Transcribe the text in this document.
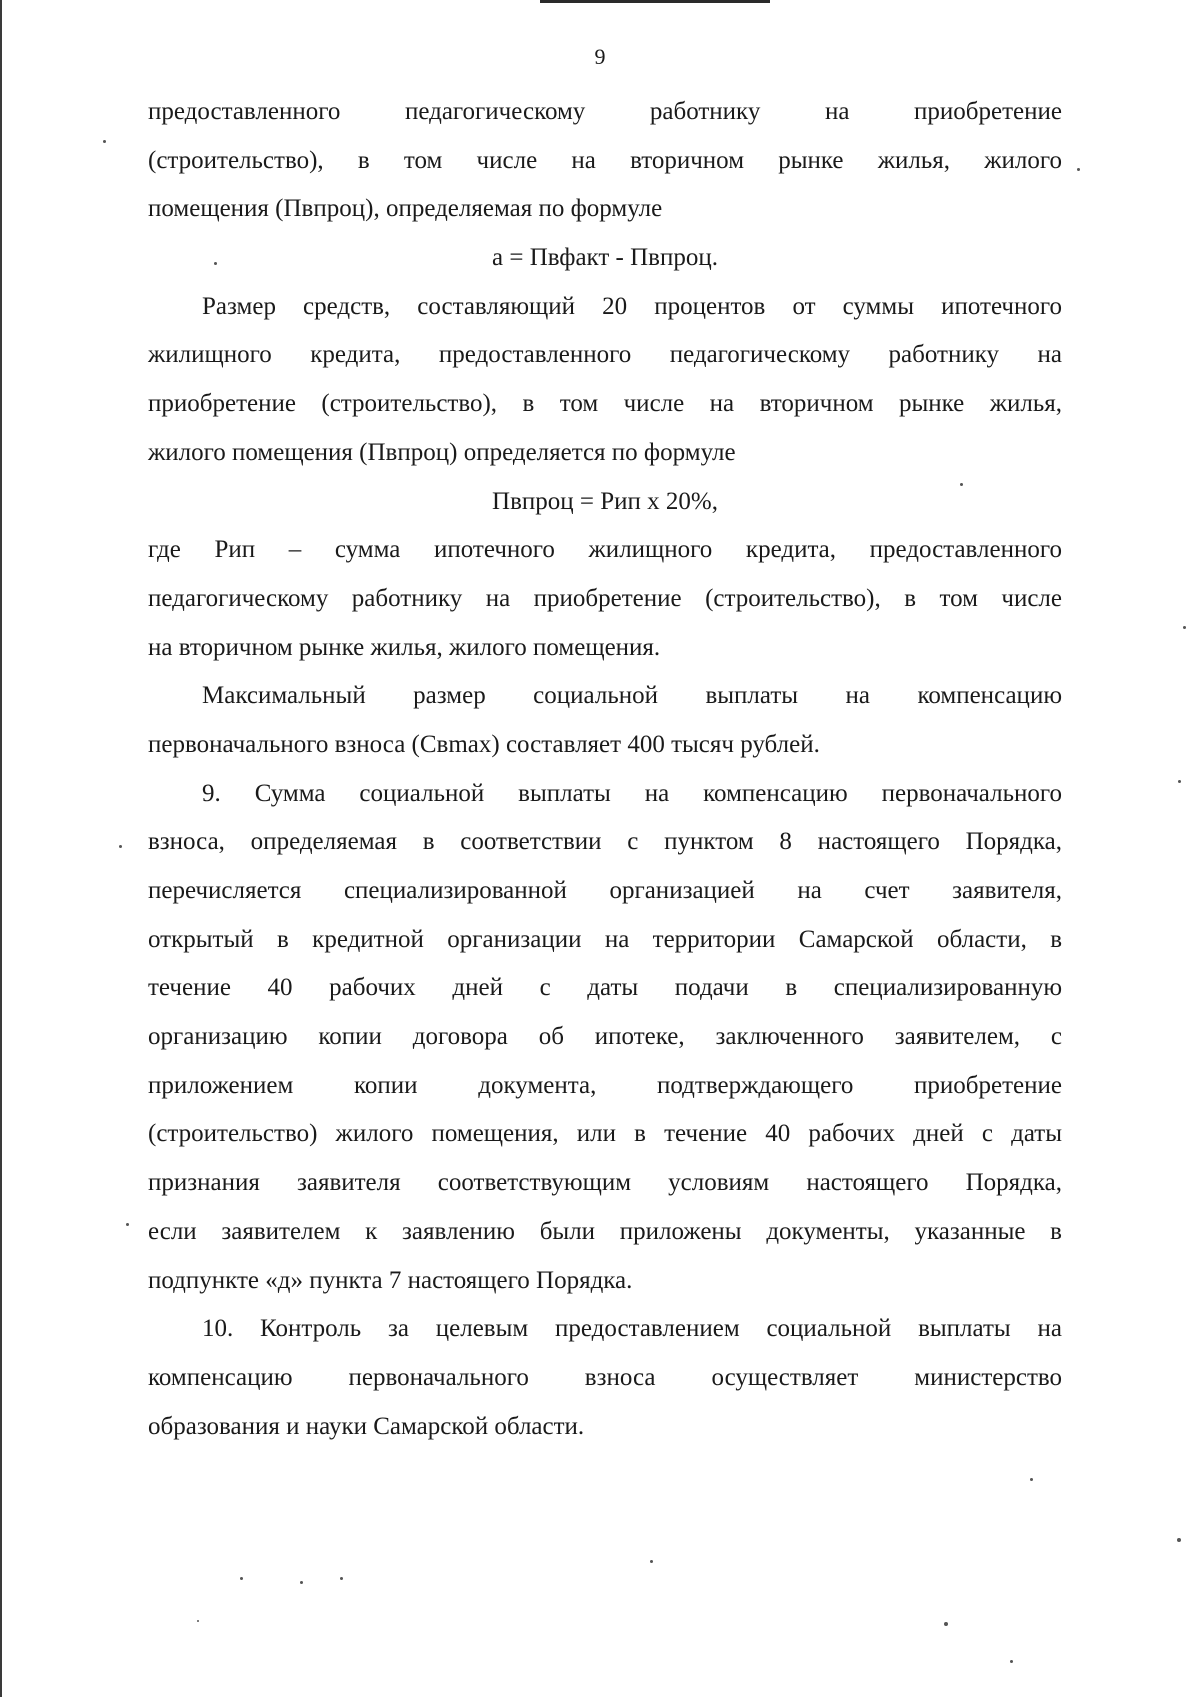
9
предоставленного педагогическому работнику на приобретение
(строительство), в том числе на вторичном рынке жилья, жилого
помещения (Пвпроц), определяемая по формуле
a = Пвфакт - Пвпроц.
Размер средств, составляющий 20 процентов от суммы ипотечного
жилищного кредита, предоставленного педагогическому работнику на
приобретение (строительство), в том числе на вторичном рынке жилья,
жилого помещения (Пвпроц) определяется по формуле
Пвпроц = Рип x 20%,
где Рип – сумма ипотечного жилищного кредита, предоставленного
педагогическому работнику на приобретение (строительство), в том числе
на вторичном рынке жилья, жилого помещения.
Максимальный размер социальной выплаты на компенсацию
первоначального взноса (Свmax) составляет 400 тысяч рублей.
9. Сумма социальной выплаты на компенсацию первоначального
взноса, определяемая в соответствии с пунктом 8 настоящего Порядка,
перечисляется специализированной организацией на счет заявителя,
открытый в кредитной организации на территории Самарской области, в
течение 40 рабочих дней с даты подачи в специализированную
организацию копии договора об ипотеке, заключенного заявителем, с
приложением копии документа, подтверждающего приобретение
(строительство) жилого помещения, или в течение 40 рабочих дней с даты
признания заявителя соответствующим условиям настоящего Порядка,
если заявителем к заявлению были приложены документы, указанные в
подпункте «д» пункта 7 настоящего Порядка.
10. Контроль за целевым предоставлением социальной выплаты на
компенсацию первоначального взноса осуществляет министерство
образования и науки Самарской области.
